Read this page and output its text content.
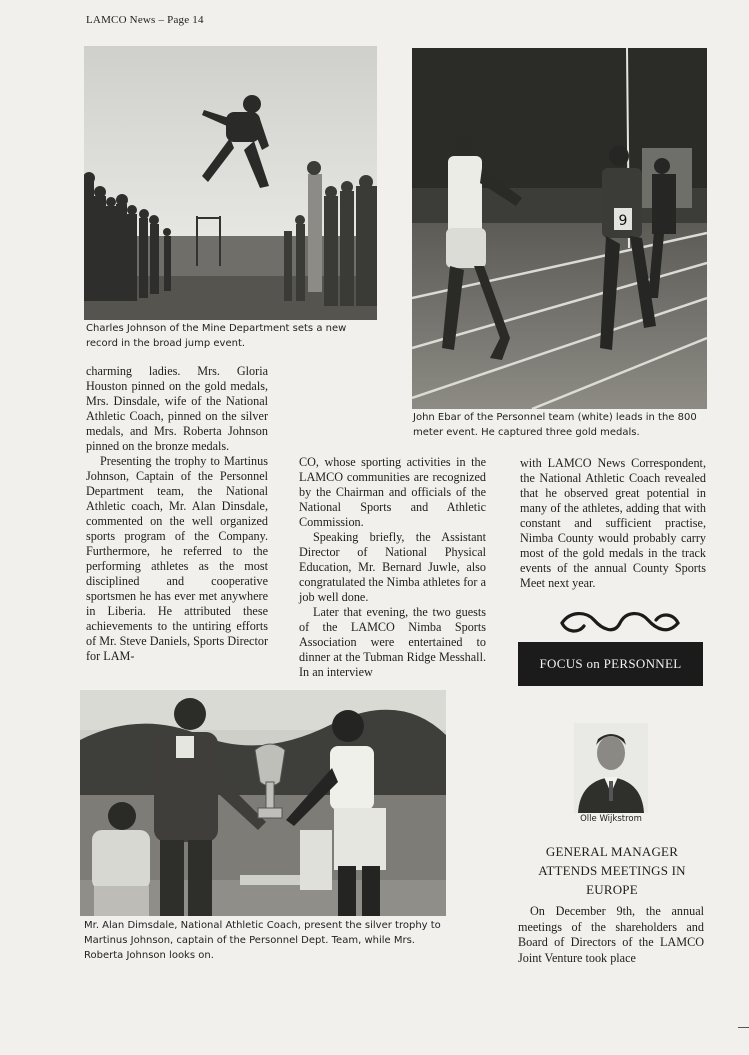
LAMCO News – Page 14
Charles Johnson of the Mine Department sets a new record in the broad jump event.
9
John Ebar of the Personnel team (white) leads in the 800 meter event. He captured three gold medals.

charming ladies. Mrs. Gloria Houston pinned on the gold medals, Mrs. Dinsdale, wife of the National Athletic Coach, pinned on the silver medals, and Mrs. Roberta Johnson pinned on the bronze medals.

Presenting the trophy to Martinus Johnson, Captain of the Personnel Department team, the National Athletic coach, Mr. Alan Dinsdale, commented on the well organized sports program of the Company. Furthermore, he referred to the performing athletes as the most disciplined and cooperative sportsmen he has ever met anywhere in Liberia. He attributed these achievements to the untiring efforts of Mr. Steve Daniels, Sports Director for LAM-

CO, whose sporting activities in the LAMCO communities are recognized by the Chairman and officials of the National Sports and Athletic Commission.

Speaking briefly, the Assistant Director of National Physical Education, Mr. Bernard Juwle, also congratulated the Nimba athletes for a job well done.

Later that evening, the two guests of the LAMCO Nimba Sports Association were entertained to dinner at the Tubman Ridge Messhall. In an interview

with LAMCO News Correspondent, the National Athletic Coach revealed that he observed great potential in many of the athletes, adding that with constant and sufficient practise, Nimba County would probably carry most of the gold medals in the track events of the annual County Sports Meet next year.

FOCUS on PERSONNEL
Mr. Alan Dimsdale, National Athletic Coach, present the silver trophy to Martinus Johnson, captain of the Personnel Dept. Team, while Mrs. Roberta Johnson looks on.
Olle Wijkstrom
GENERAL MANAGER ATTENDS MEETINGS IN EUROPE

On December 9th, the annual meetings of the shareholders and Board of Directors of the LAMCO Joint Venture took place
